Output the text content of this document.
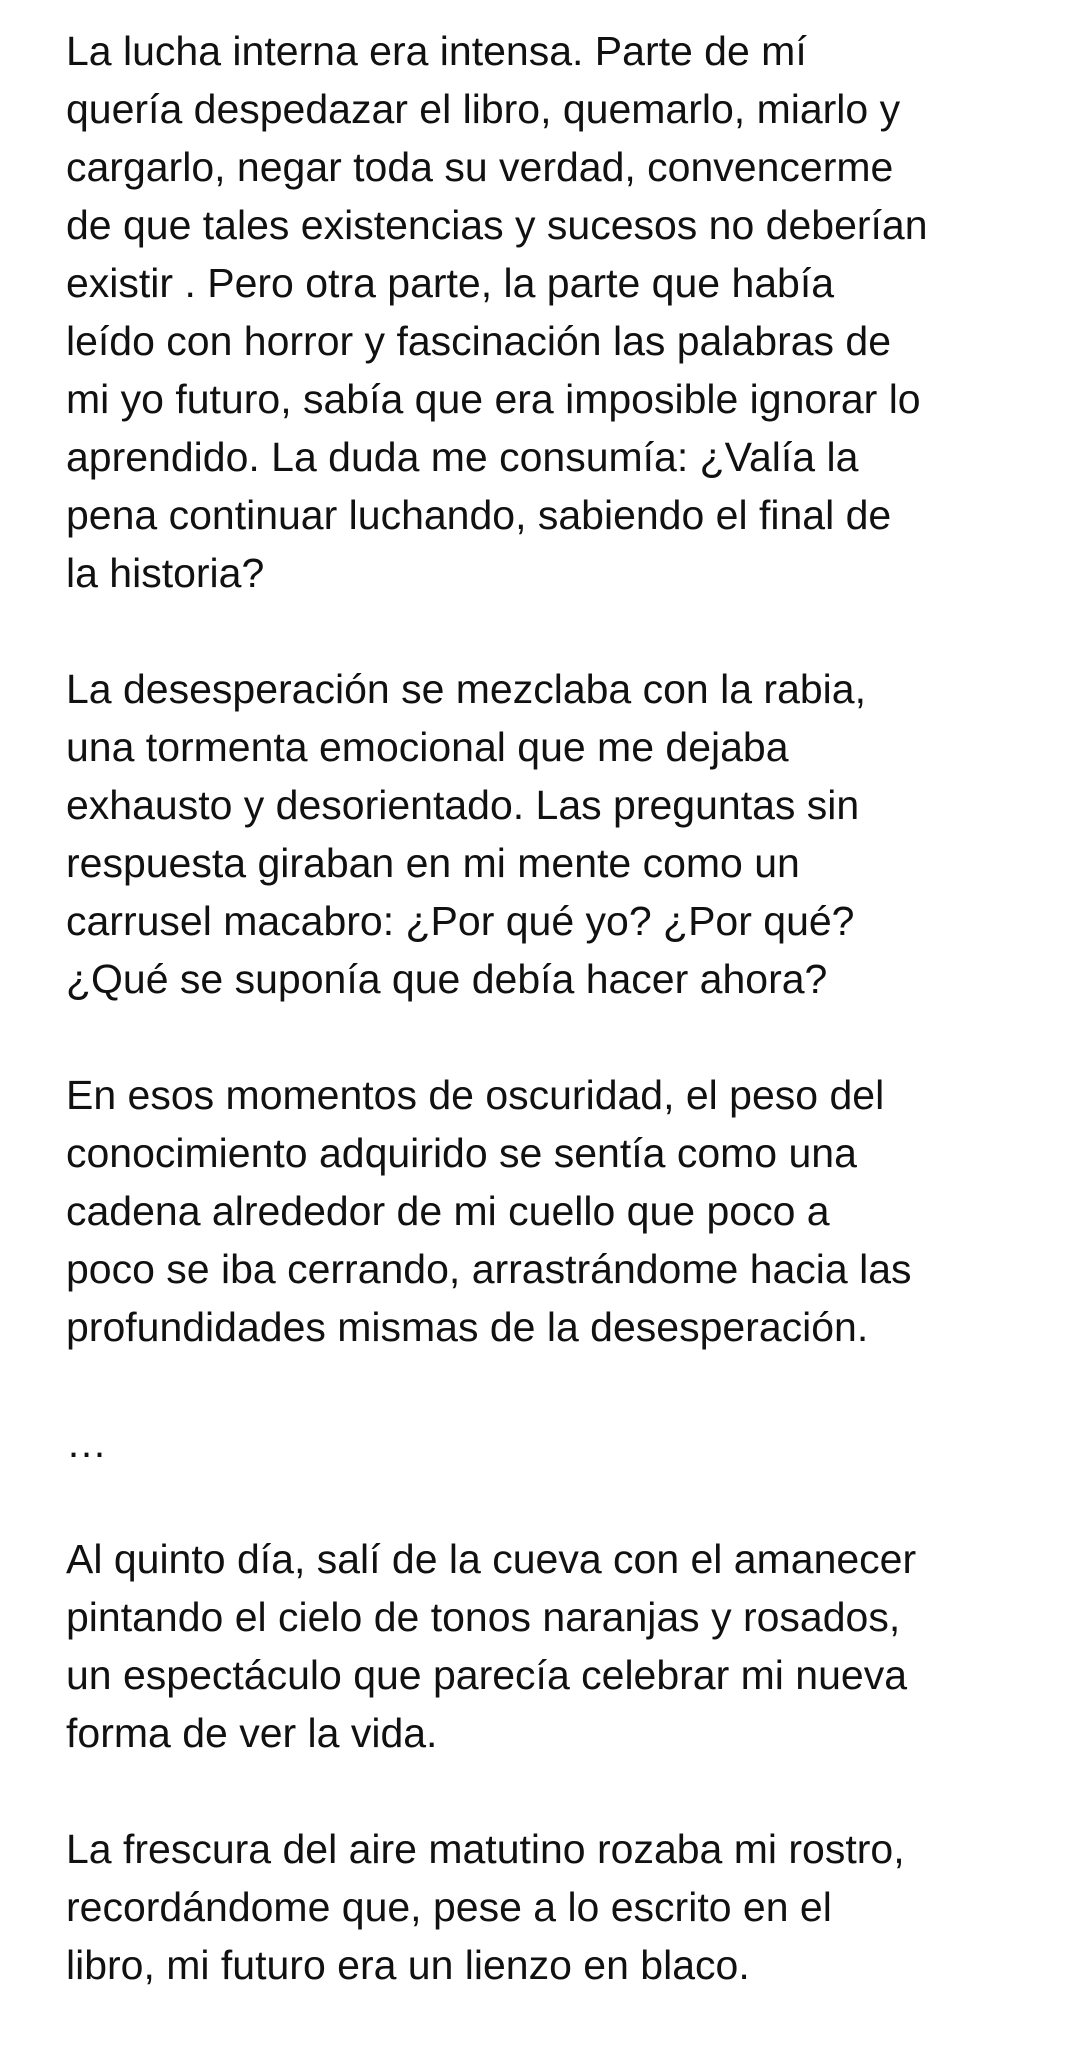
La lucha interna era intensa. Parte de mí
quería despedazar el libro, quemarlo, miarlo y
cargarlo, negar toda su verdad, convencerme
de que tales existencias y sucesos no deberían
existir . Pero otra parte, la parte que había
leído con horror y fascinación las palabras de
mi yo futuro, sabía que era imposible ignorar lo
aprendido. La duda me consumía: ¿Valía la
pena continuar luchando, sabiendo el final de
la historia?

La desesperación se mezclaba con la rabia,
una tormenta emocional que me dejaba
exhausto y desorientado. Las preguntas sin
respuesta giraban en mi mente como un
carrusel macabro: ¿Por qué yo? ¿Por qué?
¿Qué se suponía que debía hacer ahora?

En esos momentos de oscuridad, el peso del
conocimiento adquirido se sentía como una
cadena alrededor de mi cuello que poco a
poco se iba cerrando, arrastrándome hacia las
profundidades mismas de la desesperación.

…

Al quinto día, salí de la cueva con el amanecer
pintando el cielo de tonos naranjas y rosados,
un espectáculo que parecía celebrar mi nueva
forma de ver la vida.

La frescura del aire matutino rozaba mi rostro,
recordándome que, pese a lo escrito en el
libro, mi futuro era un lienzo en blaco.
